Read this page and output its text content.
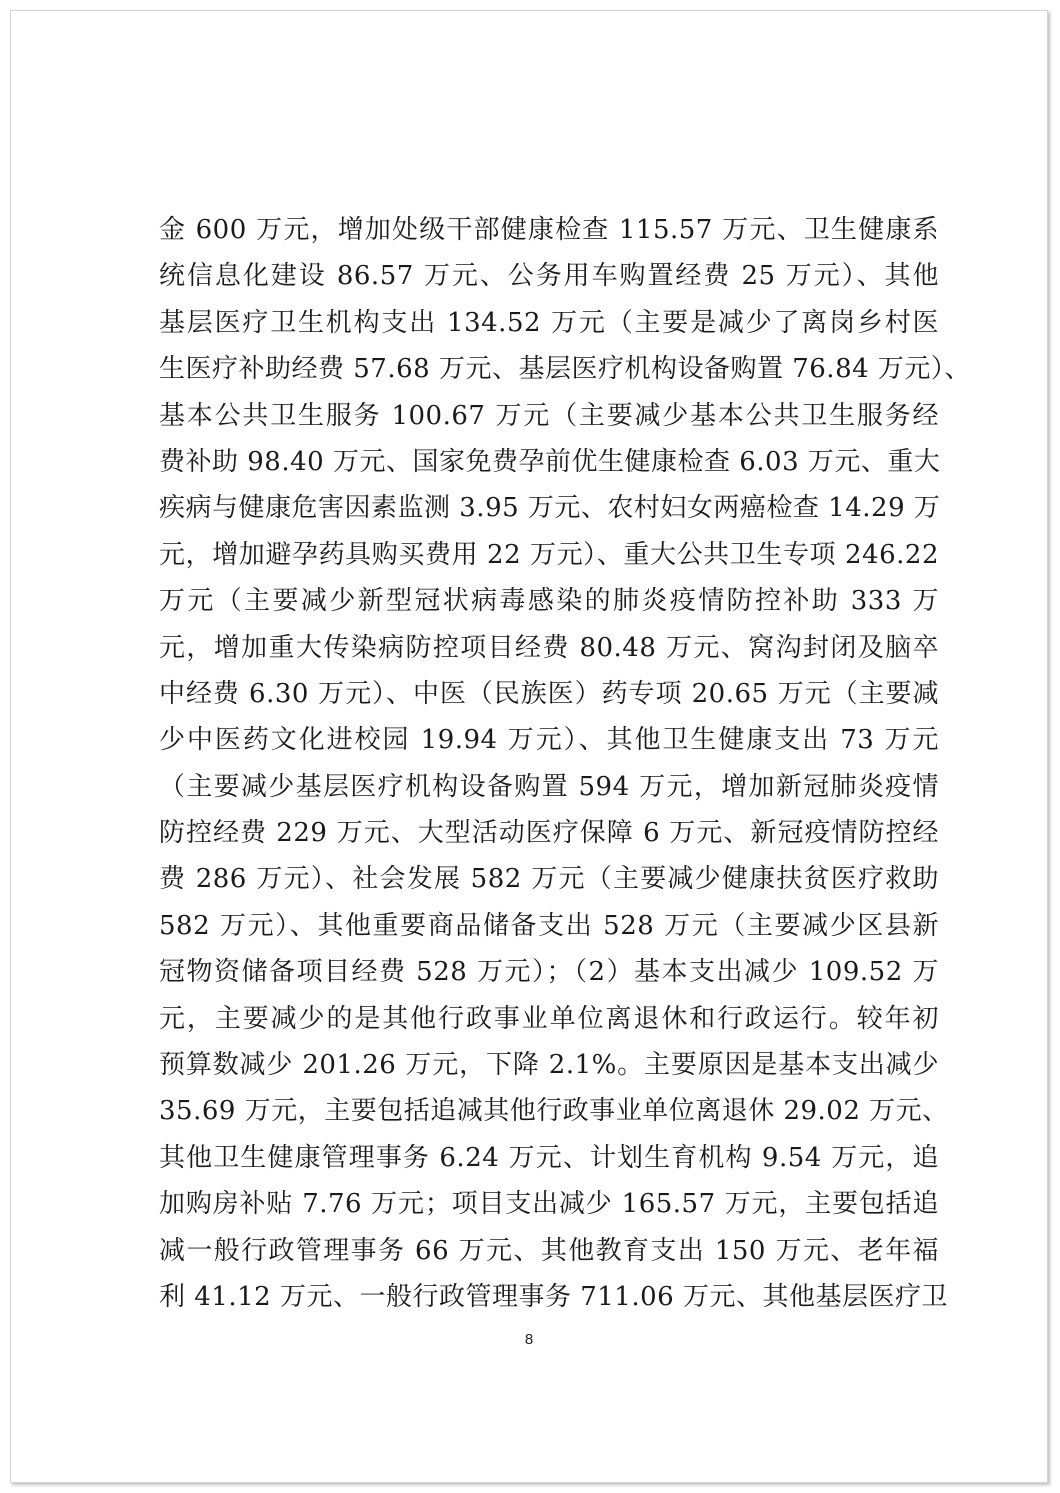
金 600 万元，增加处级干部健康检查 115.57 万元、卫生健康系
统信息化建设 86.57 万元、公务用车购置经费 25 万元）、其他
基层医疗卫生机构支出 134.52 万元（主要是减少了离岗乡村医
生医疗补助经费 57.68 万元、基层医疗机构设备购置 76.84 万元）、
基本公共卫生服务 100.67 万元（主要减少基本公共卫生服务经
费补助 98.40 万元、国家免费孕前优生健康检查 6.03 万元、重大
疾病与健康危害因素监测 3.95 万元、农村妇女两癌检查 14.29 万
元，增加避孕药具购买费用 22 万元）、重大公共卫生专项 246.22
万元（主要减少新型冠状病毒感染的肺炎疫情防控补助 333 万
元，增加重大传染病防控项目经费 80.48 万元、窝沟封闭及脑卒
中经费 6.30 万元）、中医（民族医）药专项 20.65 万元（主要减
少中医药文化进校园 19.94 万元）、其他卫生健康支出 73 万元
（主要减少基层医疗机构设备购置 594 万元，增加新冠肺炎疫情
防控经费 229 万元、大型活动医疗保障 6 万元、新冠疫情防控经
费 286 万元）、社会发展 582 万元（主要减少健康扶贫医疗救助
582 万元）、其他重要商品储备支出 528 万元（主要减少区县新
冠物资储备项目经费 528 万元）；（2）基本支出减少 109.52 万
元，主要减少的是其他行政事业单位离退休和行政运行。较年初
预算数减少 201.26 万元，下降 2.1%。主要原因是基本支出减少
35.69 万元，主要包括追减其他行政事业单位离退休 29.02 万元、
其他卫生健康管理事务 6.24 万元、计划生育机构 9.54 万元，追
加购房补贴 7.76 万元；项目支出减少 165.57 万元，主要包括追
减一般行政管理事务 66 万元、其他教育支出 150 万元、老年福
利 41.12 万元、一般行政管理事务 711.06 万元、其他基层医疗卫
8
